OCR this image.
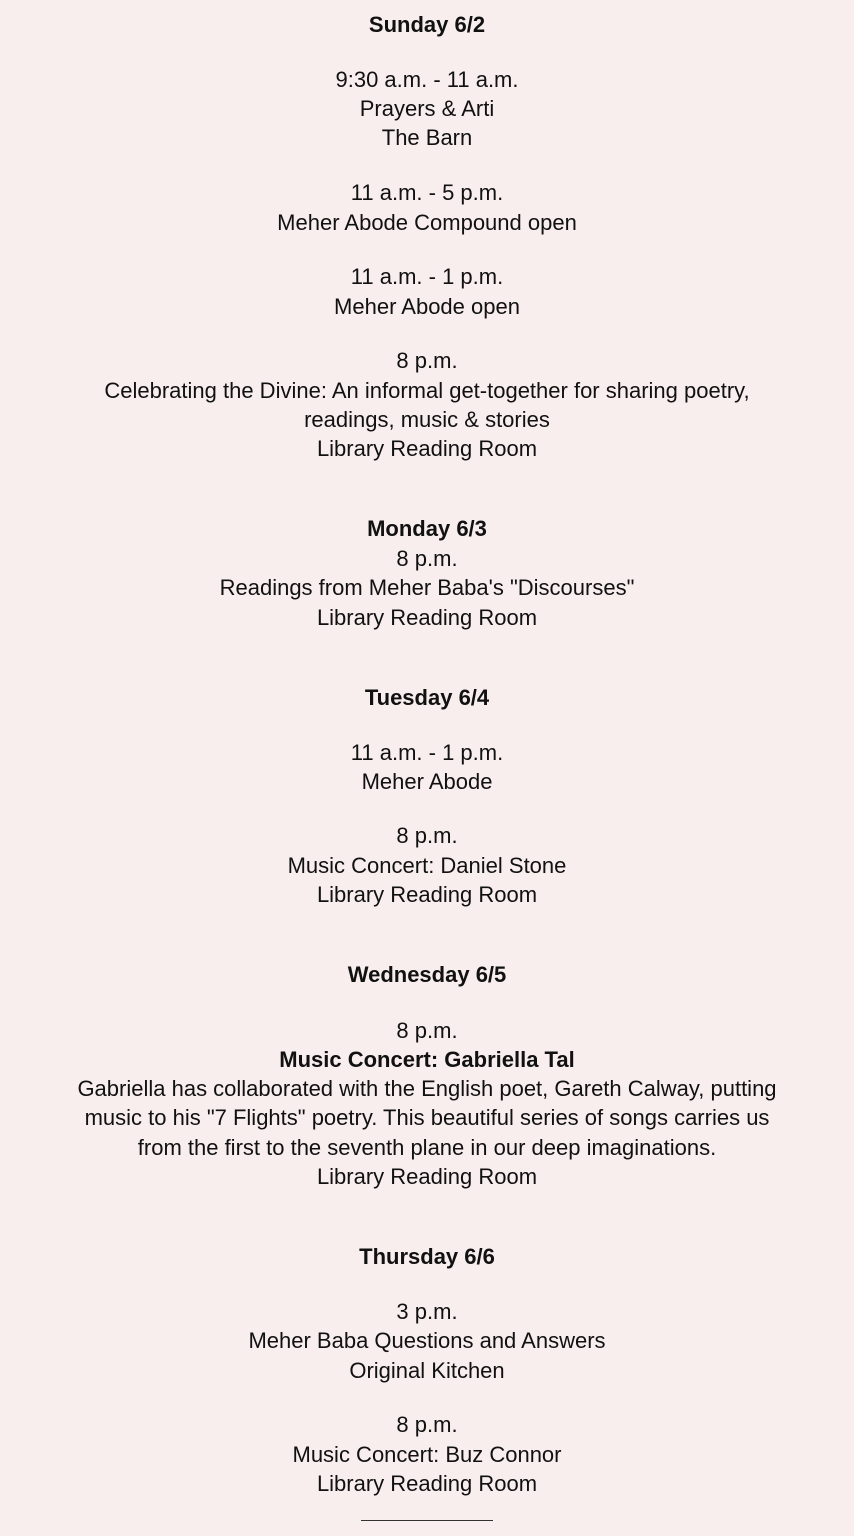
Sunday 6/2
9:30 a.m. - 11 a.m.
Prayers & Arti
The Barn
11 a.m. - 5 p.m.
Meher Abode Compound open
11 a.m. - 1 p.m.
Meher Abode open
8 p.m.
Celebrating the Divine: An informal get-together for sharing poetry,
readings, music & stories
Library Reading Room
Monday 6/3
8 p.m.
Readings from Meher Baba's "Discourses"
Library Reading Room
Tuesday 6/4
11 a.m. - 1 p.m.
Meher Abode
8 p.m.
Music Concert: Daniel Stone
Library Reading Room
Wednesday 6/5
8 p.m.
Music Concert: Gabriella Tal
Gabriella has collaborated with the English poet, Gareth Calway, putting
music to his "7 Flights" poetry. This beautiful series of songs carries us
from the first to the seventh plane in our deep imaginations.
Library Reading Room
Thursday 6/6
3 p.m.
Meher Baba Questions and Answers
Original Kitchen
8 p.m.
Music Concert: Buz Connor
Library Reading Room
